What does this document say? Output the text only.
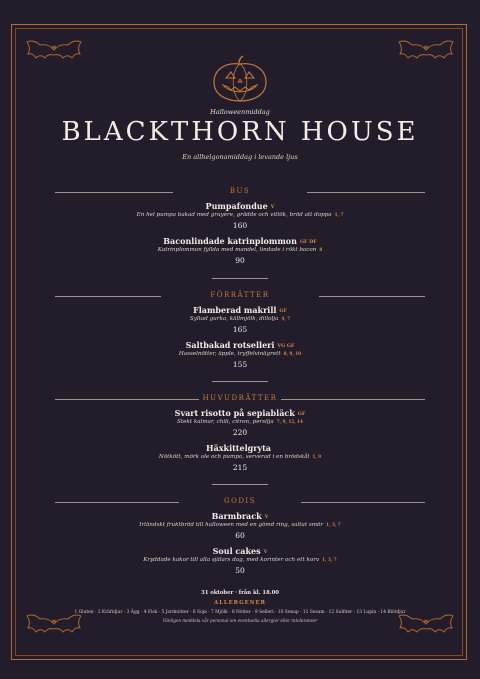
Halloweenmiddag
BLACKTHORN HOUSE
En allhelgonamiddag i levande ljus
BUS
Pumpafondue V
En hel pumpa bakad med gruyère, grädde och vitlök, bröd att doppa 1, 7
160
Baconlindade katrinplommon GF DF
Katrinplommon fyllda med mandel, lindade i rökt bacon 8
90
FÖRRÄTTER
Flamberad makrill GF
Syltad gurka, källmjölk, dillolja 4, 7
165
Saltbakad rotselleri VG GF
Hasselnötter, äpple, tryffelvinägrett 8, 9, 10
155
HUVUDRÄTTER
Svart risotto på sepiabläck GF
Stekt kalmar, chili, citron, persilja 7, 9, 12, 14
220
Häxkittelgryta
Nötkött, mörk ale och pumpa, serverad i en brödskål 1, 9
215
GODIS
Barmbrack V
Irländskt fruktbröd till halloween med en gömd ring, saltat smör 1, 3, 7
60
Soul cakes V
Kryddade kakor till alla själars dag, med korinter och ett korv 1, 3, 7
50
31 oktober · från kl. 18.00
ALLERGENER
1 Gluten · 2 Kräftdjur · 3 Ägg · 4 Fisk · 5 Jordnötter · 6 Soja · 7 Mjölk · 8 Nötter · 9 Selleri · 10 Senap · 11 Sesam · 12 Sulfiter · 13 Lupin · 14 Blötdjur
Vänligen meddela vår personal om eventuella allergier eller intoleranser
